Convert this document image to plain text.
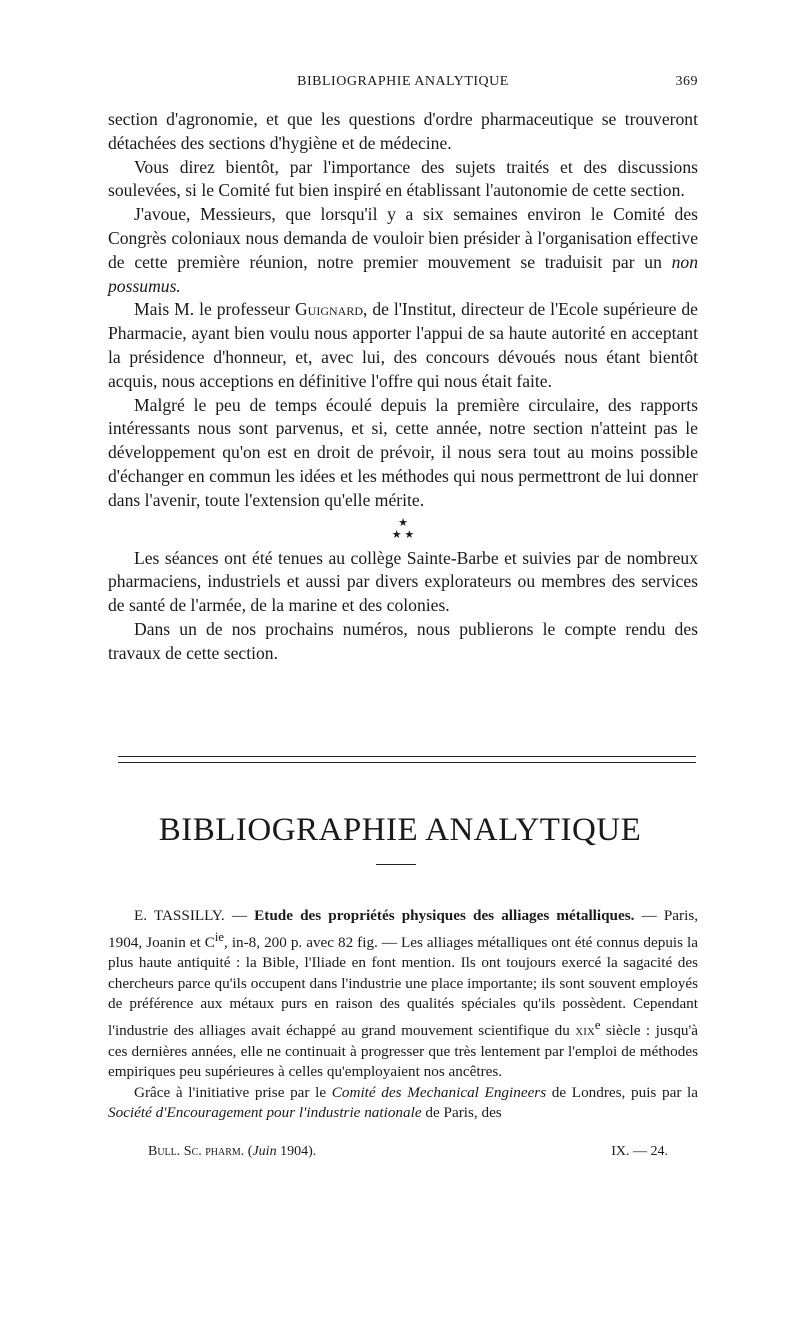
BIBLIOGRAPHIE ANALYTIQUE	369

section d'agronomie, et que les questions d'ordre pharmaceutique se trouveront détachées des sections d'hygiène et de médecine.

Vous direz bientôt, par l'importance des sujets traités et des discussions soulevées, si le Comité fut bien inspiré en établissant l'autonomie de cette section.

J'avoue, Messieurs, que lorsqu'il y a six semaines environ le Comité des Congrès coloniaux nous demanda de vouloir bien présider à l'organisation effective de cette première réunion, notre premier mouvement se traduisit par un non possumus.

Mais M. le professeur Guignard, de l'Institut, directeur de l'Ecole supérieure de Pharmacie, ayant bien voulu nous apporter l'appui de sa haute autorité en acceptant la présidence d'honneur, et, avec lui, des concours dévoués nous étant bientôt acquis, nous acceptions en définitive l'offre qui nous était faite.

Malgré le peu de temps écoulé depuis la première circulaire, des rapports intéressants nous sont parvenus, et si, cette année, notre section n'atteint pas le développement qu'on est en droit de prévoir, il nous sera tout au moins possible d'échanger en commun les idées et les méthodes qui nous permettront de lui donner dans l'avenir, toute l'extension qu'elle mérite.

★
★ ★

Les séances ont été tenues au collège Sainte-Barbe et suivies par de nombreux pharmaciens, industriels et aussi par divers explorateurs ou membres des services de santé de l'armée, de la marine et des colonies.

Dans un de nos prochains numéros, nous publierons le compte rendu des travaux de cette section.

BIBLIOGRAPHIE ANALYTIQUE

E. TASSILLY. — Etude des propriétés physiques des alliages métalliques. — Paris, 1904, Joanin et $C^{ie}$, in-8, 200 p. avec 82 fig. — Les alliages métalliques ont été connus depuis la plus haute antiquité : la Bible, l'Iliade en font mention. Ils ont toujours exercé la sagacité des chercheurs parce qu'ils occupent dans l'industrie une place importante; ils sont souvent employés de préférence aux métaux purs en raison des qualités spéciales qu'ils possèdent. Cependant l'industrie des alliages avait échappé au grand mouvement scientifique du xix$^e$ siècle : jusqu'à ces dernières années, elle ne continuait à progresser que très lentement par l'emploi de méthodes empiriques peu supérieures à celles qu'employaient nos ancêtres.

Grâce à l'initiative prise par le Comité des Mechanical Engineers de Londres, puis par la Société d'Encouragement pour l'industrie nationale de Paris, des

Bull. Sc. pharm. (Juin 1904).	IX. — 24.
